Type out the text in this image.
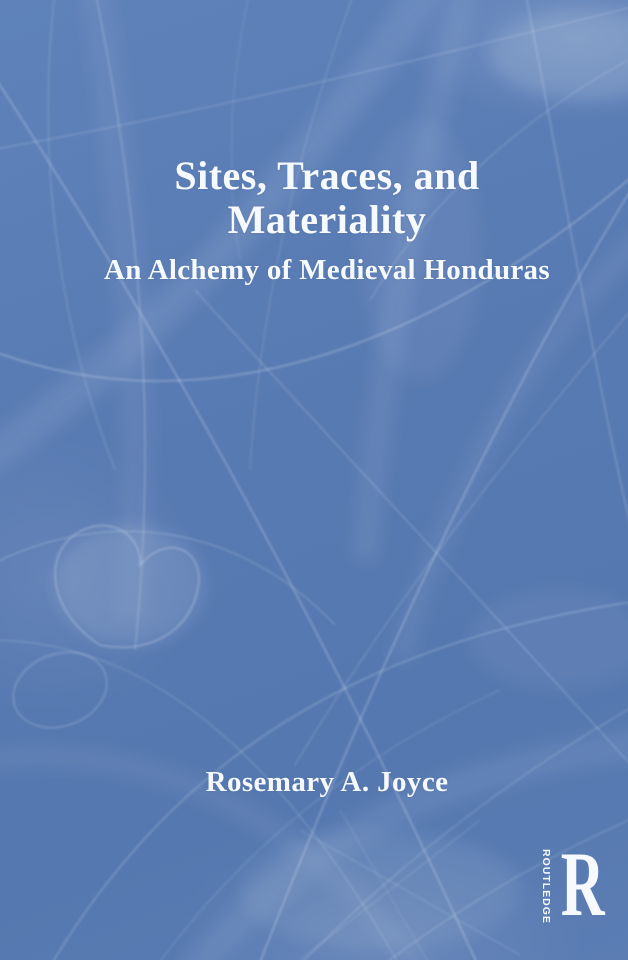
Sites, Traces, and
Materiality
An Alchemy of Medieval Honduras
Rosemary A. Joyce
ROUTLEDGE R
